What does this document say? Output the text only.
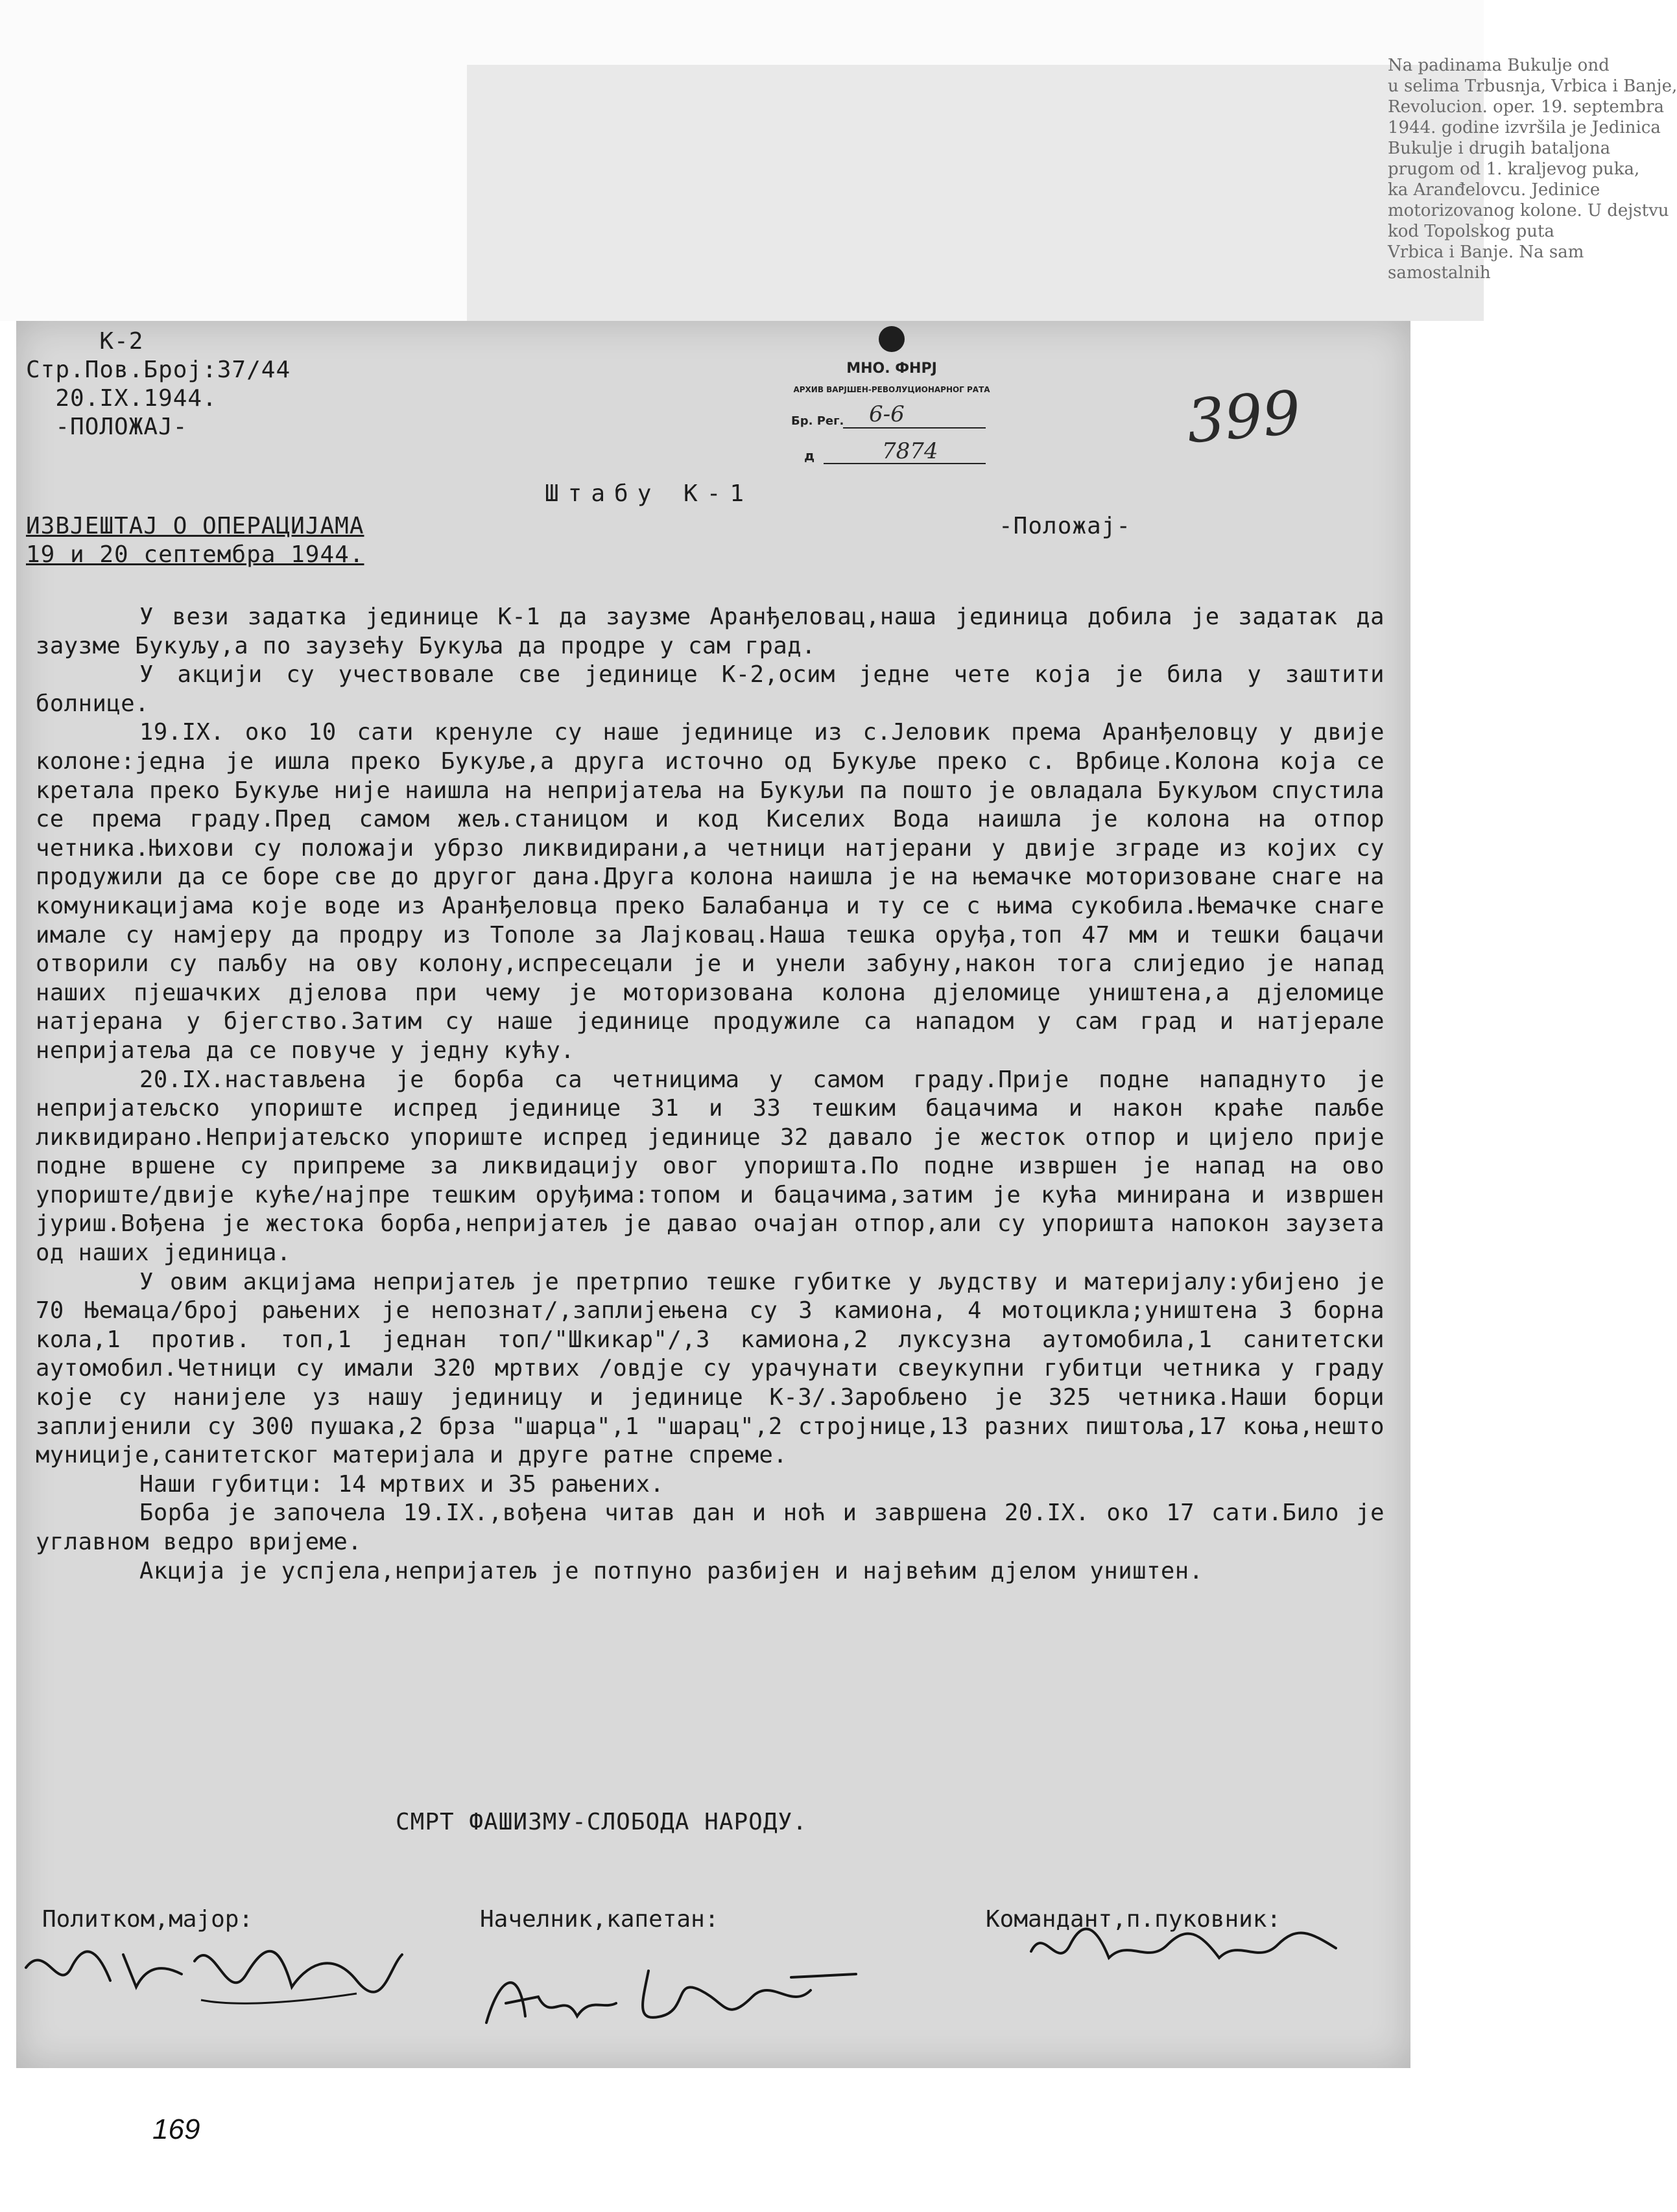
Na padinama Bukulje ond
u selima Trbusnja, Vrbica i Banje,
Revolucion. oper. 19. septembra
1944. godine izvršila je Jedinica
Bukulje i drugih bataljona
prugom od 1. kraljevog puka,
ka Aranđelovcu. Jedinice
motorizovanog kolone. U dejstvu
kod Topolskog puta
Vrbica i Banje. Na sam
samostalnih
К-2
Стр.Пов.Број:37/44
20.IX.1944.
-ПОЛОЖАЈ-
МНО. ФНРЈ
АРХИВ ВАРЈШЕН-РЕВОЛУЦИОНАРНОГ РАТА
Бр. Рег. 6-6
д	7874	399
Штабу К-1
-Положај-
ИЗВЈЕШТАЈ О ОПЕРАЦИЈАМА
19 и 20 септембра 1944.

У вези задатка јединице К-1 да заузме Аранђеловац,наша јединица добила је задатак да заузме Букуљу,а по заузећу Букуља да продре у сам град.

У акцији су учествовале све јединице К-2,осим једне чете која је била у заштити болнице.

19.IX. око 10 сати кренуле су наше јединице из с.Јеловик према Аранђеловцу у двије колоне:једна је ишла преко Букуље,а друга источно од Букуље преко с. Врбице.Колона која се кретала преко Букуље није наишла на непријатеља на Букуљи па пошто је овладала Букуљом спустила се према граду.Пред самом жељ.станицом и код Киселих Вода наишла је колона на отпор четника.Њихови су положаји убрзо ликвидирани,а четници натјерани у двије зграде из којих су продужили да се боре све до другог дана.Друга колона наишла је на њемачке моторизоване снаге на комуникацијама које воде из Аранђеловца преко Балабанџа и ту се с њима сукобила.Њемачке снаге имале су намјеру да продру из Тополе за Лајковац.Наша тешка оруђа,топ 47 мм и тешки бацачи отворили су паљбу на ову колону,испресецали је и унели забуну,након тога слиједио је напад наших пјешачких дјелова при чему је моторизована колона дјеломице уништена,а дјеломице натјерана у бјегство.Затим су наше јединице продужиле са нападом у сам град и натјерале непријатеља да се повуче у једну кућу.

20.IX.настављена је борба са четницима у самом граду.Прије подне нападнуто је непријатељско упориште испред јединице 31 и 33 тешким бацачима и након краће паљбе ликвидирано.Непријатељско упориште испред јединице 32 давало је жесток отпор и цијело прије подне вршене су припреме за ликвидацију овог упоришта.По подне извршен је напад на ово упориште/двије куће/најпре тешким оруђима:топом и бацачима,затим је кућа минирана и извршен јуриш.Вођена је жестока борба,непријатељ је давао очајан отпор,али су упоришта напокон заузета од наших јединица.

У овим акцијама непријатељ је претрпио тешке губитке у људству и материјалу:убијено је 70 Њемаца/број рањених је непознат/,заплијењена су 3 камиона, 4 мотоцикла;уништена 3 борна кола,1 против. топ,1 једнан топ/"Шкикар"/,3 камиона,2 луксузна аутомобила,1 санитетски аутомобил.Четници су имали 320 мртвих /овдје су урачунати свеукупни губитци четника у граду које су нанијеле уз нашу јединицу и јединице К-3/.Заробљено је 325 четника.Наши борци заплијенили су 300 пушака,2 брза "шарца",1 "шарац",2 стројнице,13 разних пиштоља,17 коња,нешто муниције,санитетског материјала и друге ратне спреме.

Наши губитци: 14 мртвих и 35 рањених.

Борба је започела 19.IX.,вођена читав дан и ноћ и завршена 20.IX. око 17 сати.Било је углавном ведро вријеме.

Акција је успјела,непријатељ је потпуно разбијен и највећим дјелом уништен.

СМРТ ФАШИЗМУ-СЛОБОДА НАРОДУ.
Политком,мајор:	Начелник,капетан:	Командант,п.пуковник:
169
